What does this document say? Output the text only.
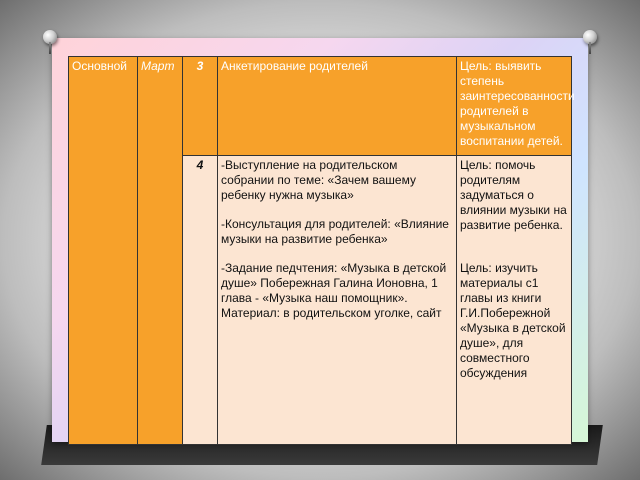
Основной	Март	3	Анкетирование родителей	Цель: выявить степень заинтересованности родителей в музыкальном воспитании детей.
		4	-Выступление на родительском собрании по теме: «Зачем вашему ребенку нужна музыка»
-Консультация для родителей: «Влияние музыки на развитие ребенка»
-Задание педчтения: «Музыка в детской душе» Побережная Галина Ионовна, 1 глава - «Музыка наш помощник». Материал: в родительском уголке, сайт	Цель: помочь родителям задуматься о влиянии музыки на развитие ребенка.
Цель: изучить материалы с1 главы из книги Г.И.Побережной «Музыка в детской душе», для совместного обсуждения
